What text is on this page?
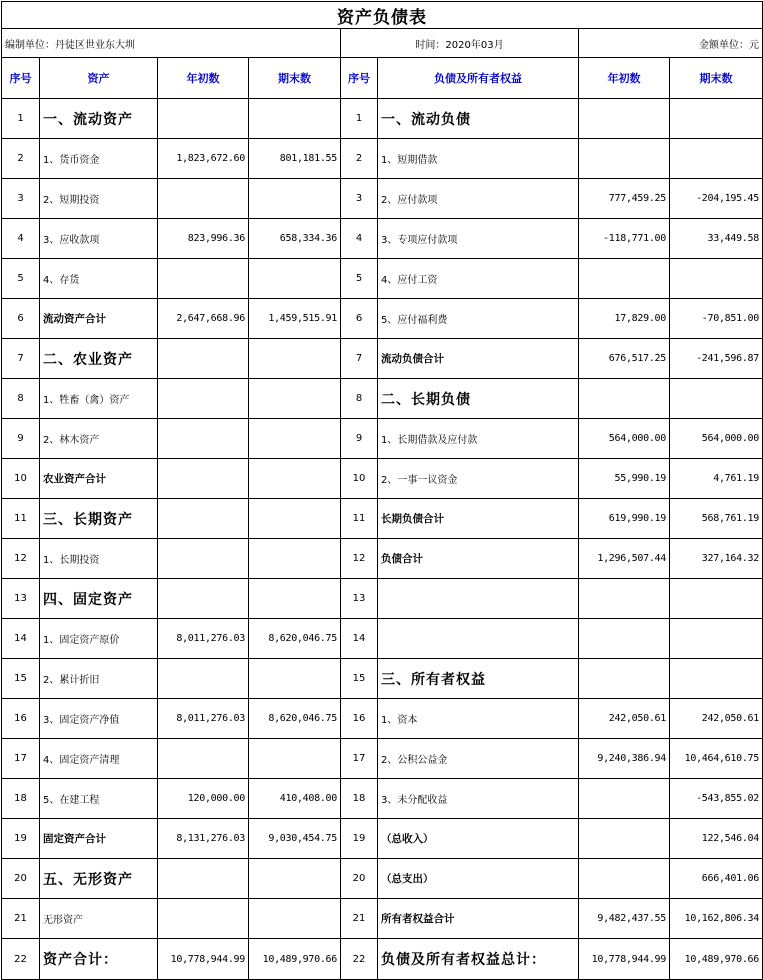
资产负债表							
编制单位：丹徒区世业东大圳				时间：2020年03月		金额单位：元	
序号	资产	年初数	期末数	序号	负债及所有者权益	年初数	期末数
1	一、流动资产			1	一、流动负债		
2	1、货币资金	1,823,672.60	801,181.55	2	1、短期借款		
3	2、短期投资			3	2、应付款项	777,459.25	-204,195.45
4	3、应收款项	823,996.36	658,334.36	4	3、专项应付款项	-118,771.00	33,449.58
5	4、存货			5	4、应付工资		
6	流动资产合计	2,647,668.96	1,459,515.91	6	5、应付福利费	17,829.00	-70,851.00
7	二、农业资产			7	流动负债合计	676,517.25	-241,596.87
8	1、牲畜（禽）资产			8	二、长期负债		
9	2、林木资产			9	1、长期借款及应付款	564,000.00	564,000.00
10	农业资产合计			10	2、一事一议资金	55,990.19	4,761.19
11	三、长期资产			11	长期负债合计	619,990.19	568,761.19
12	1、长期投资			12	负债合计	1,296,507.44	327,164.32
13	四、固定资产			13			
14	1、固定资产原价	8,011,276.03	8,620,046.75	14			
15	2、累计折旧			15	三、所有者权益		
16	3、固定资产净值	8,011,276.03	8,620,046.75	16	1、资本	242,050.61	242,050.61
17	4、固定资产清理			17	2、公积公益金	9,240,386.94	10,464,610.75
18	5、在建工程	120,000.00	410,408.00	18	3、未分配收益		-543,855.02
19	固定资产合计	8,131,276.03	9,030,454.75	19	（总收入）		122,546.04
20	五、无形资产			20	（总支出）		666,401.06
21	无形资产			21	所有者权益合计	9,482,437.55	10,162,806.34
22	资产合计：	10,778,944.99	10,489,970.66	22	负债及所有者权益总计：	10,778,944.99	10,489,970.66
